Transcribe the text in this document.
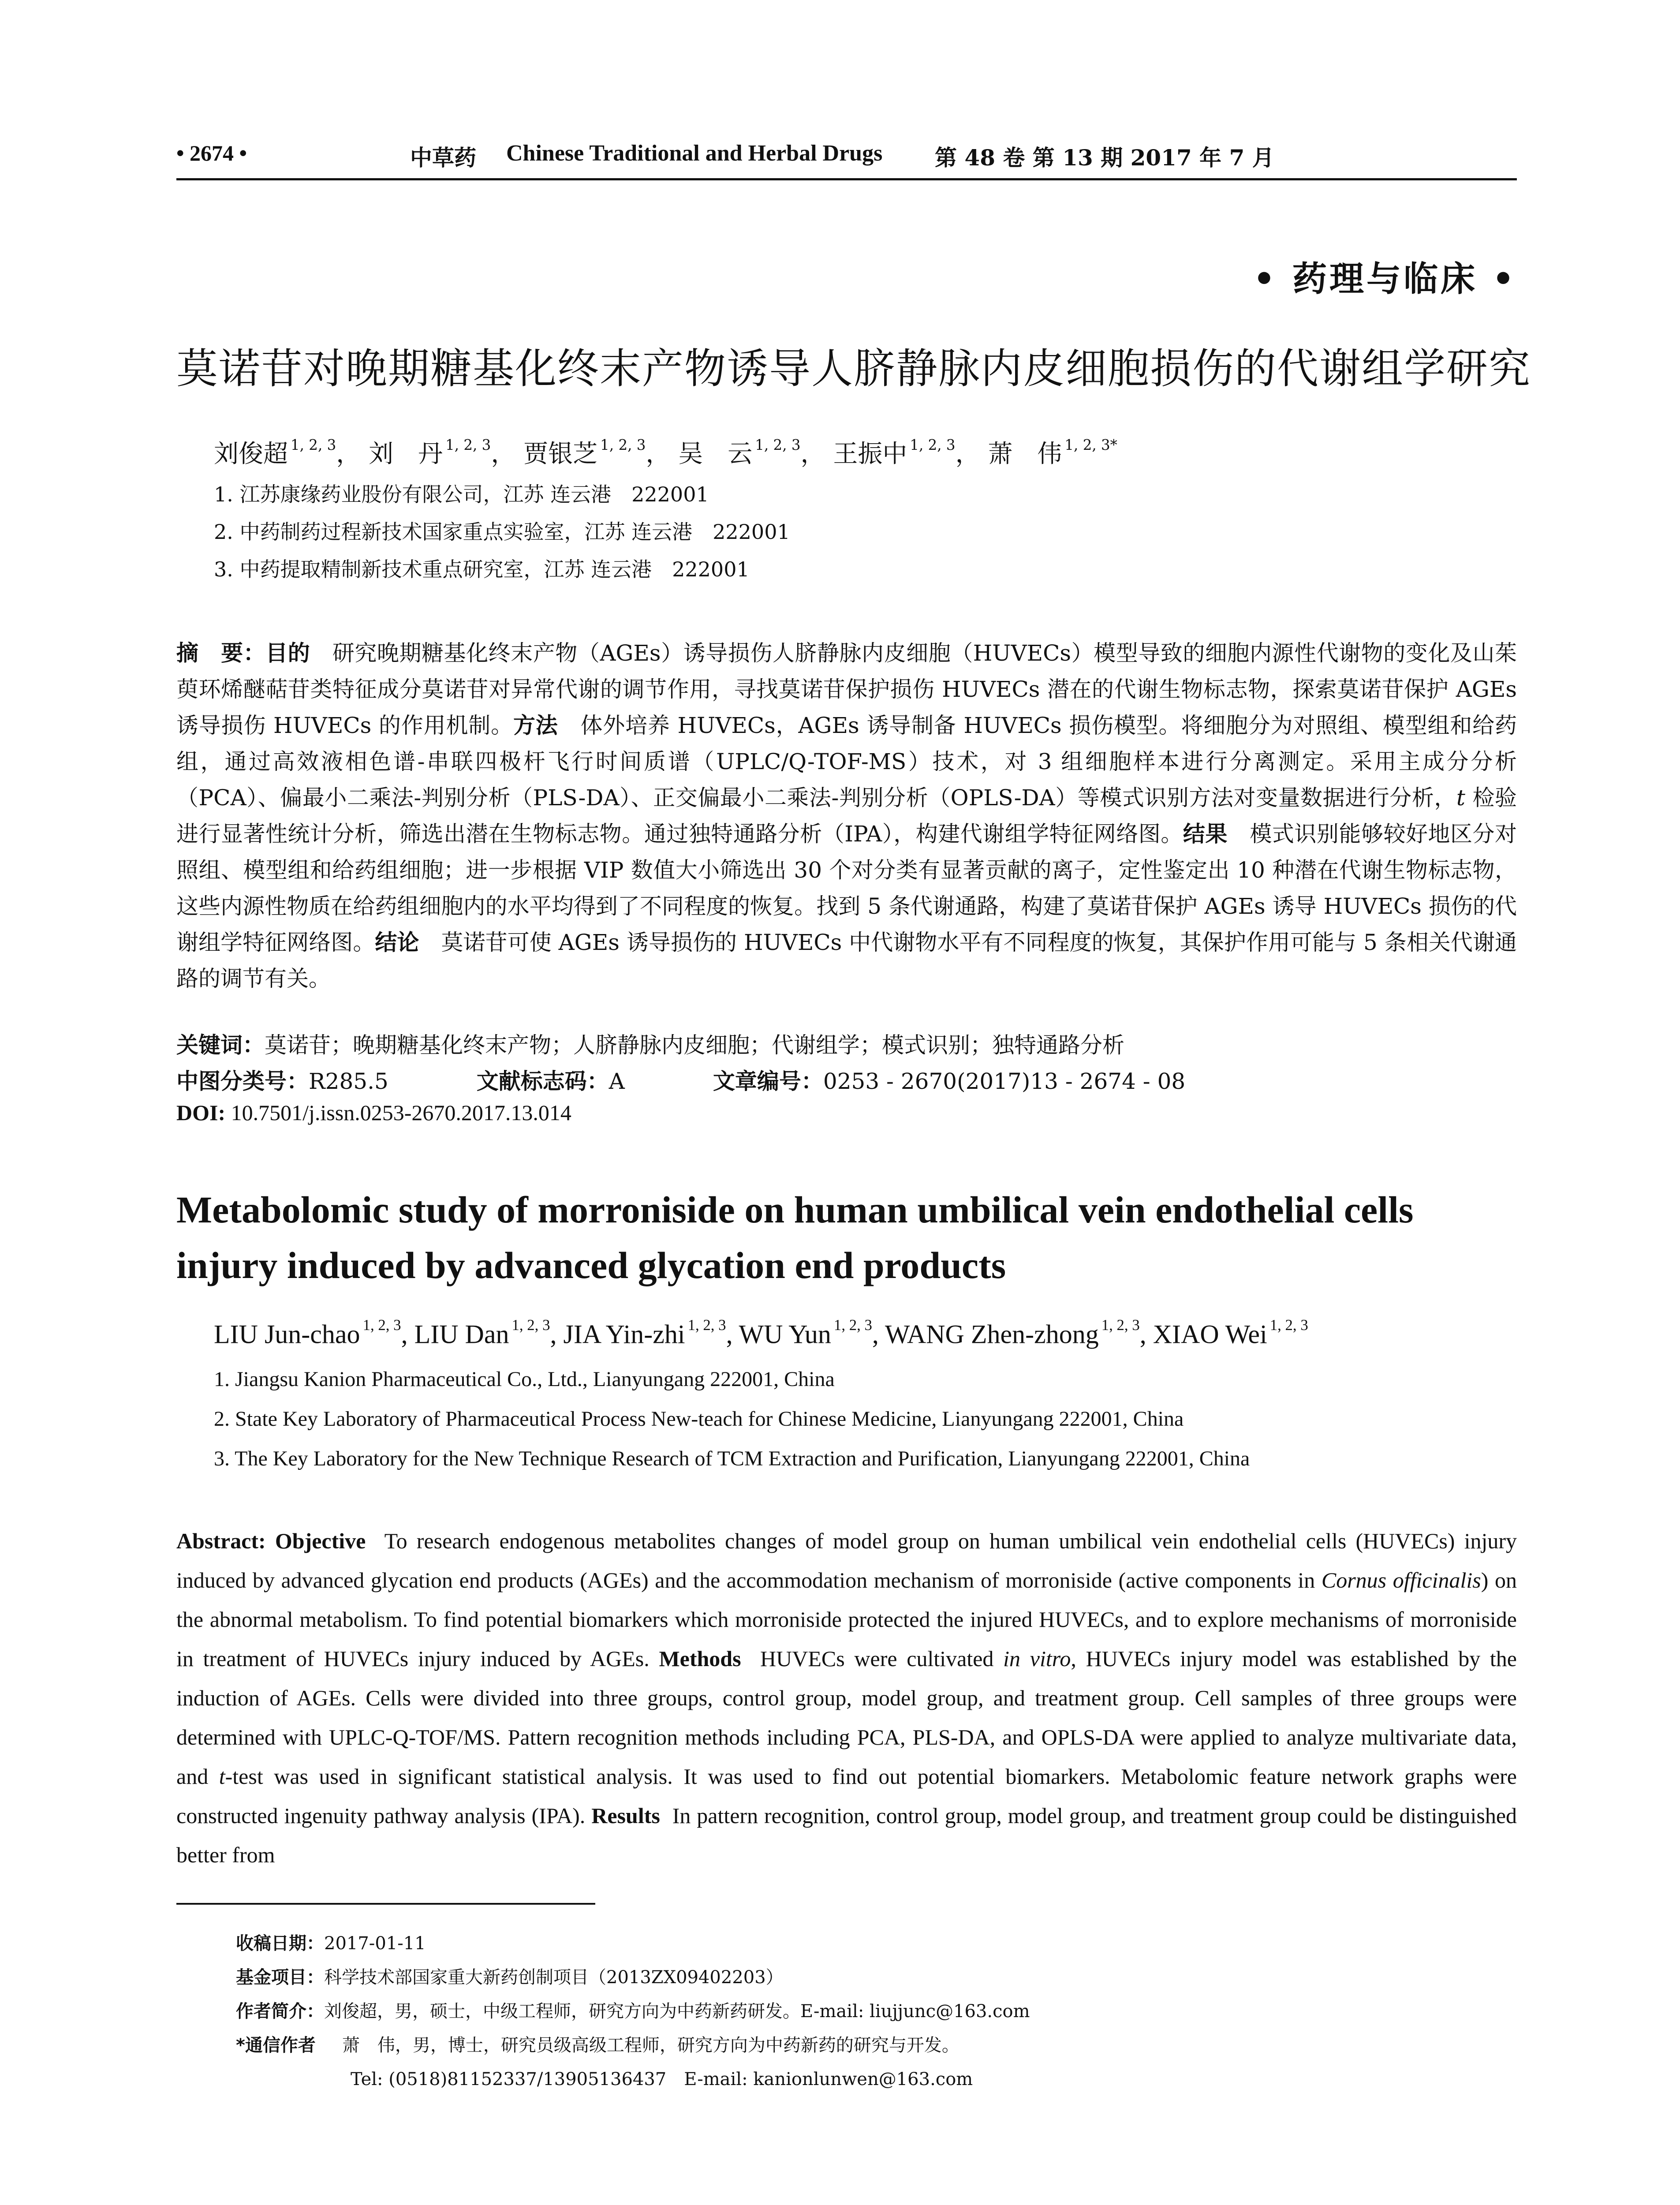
• 2674 •	中草药 Chinese Traditional and Herbal Drugs 第 48 卷 第 13 期 2017 年 7 月
• 药理与临床 •
莫诺苷对晚期糖基化终末产物诱导人脐静脉内皮细胞损伤的代谢组学研究
刘俊超 $^{1, 2, 3}$， 刘　丹 $^{1, 2, 3}$， 贾银芝 $^{1, 2, 3}$， 吴　云 $^{1, 2, 3}$， 王振中 $^{1, 2, 3}$， 萧　伟 $^{1, 2, 3*}$
1. 江苏康缘药业股份有限公司，江苏 连云港　222001
2. 中药制药过程新技术国家重点实验室，江苏 连云港　222001
3. 中药提取精制新技术重点研究室，江苏 连云港　222001
摘　要：目的　 研究晚期糖基化终末产物（AGEs）诱导损伤人脐静脉内皮细胞（HUVECs）模型导致的细胞内源性代谢物的变化及山茱萸环烯醚萜苷类特征成分莫诺苷对异常代谢的调节作用，寻找莫诺苷保护损伤 HUVECs 潜在的代谢生物标志物，探索莫诺苷保护 AGEs 诱导损伤 HUVECs 的作用机制。方法　 体外培养 HUVECs，AGEs 诱导制备 HUVECs 损伤模型。将细胞分为对照组、模型组和给药组，通过高效液相色谱-串联四极杆飞行时间质谱（UPLC/Q-TOF-MS）技术，对 3 组细胞样本进行分离测定。采用主成分分析（PCA）、偏最小二乘法-判别分析（PLS-DA）、正交偏最小二乘法-判别分析（OPLS-DA）等模式识别方法对变量数据进行分析，t 检验进行显著性统计分析，筛选出潜在生物标志物。通过独特通路分析（IPA），构建代谢组学特征网络图。结果　 模式识别能够较好地区分对照组、模型组和给药组细胞；进一步根据 VIP 数值大小筛选出 30 个对分类有显著贡献的离子，定性鉴定出 10 种潜在代谢生物标志物，这些内源性物质在给药组细胞内的水平均得到了不同程度的恢复。找到 5 条代谢通路，构建了莫诺苷保护 AGEs 诱导 HUVECs 损伤的代谢组学特征网络图。结论　 莫诺苷可使 AGEs 诱导损伤的 HUVECs 中代谢物水平有不同程度的恢复，其保护作用可能与 5 条相关代谢通路的调节有关。
关键词：莫诺苷；晚期糖基化终末产物；人脐静脉内皮细胞；代谢组学；模式识别；独特通路分析
中图分类号：R285.5	文献标志码：A	文章编号：0253 - 2670(2017)13 - 2674 - 08
DOI: 10.7501/j.issn.0253-2670.2017.13.014
Metabolomic study of morroniside on human umbilical vein endothelial cells injury induced by advanced glycation end products
LIU Jun-chao $^{1, 2, 3}$, LIU Dan $^{1, 2, 3}$, JIA Yin-zhi $^{1, 2, 3}$, WU Yun $^{1, 2, 3}$, WANG Zhen-zhong $^{1, 2, 3}$, XIAO Wei $^{1, 2, 3}$
1. Jiangsu Kanion Pharmaceutical Co., Ltd., Lianyungang 222001, China
2. State Key Laboratory of Pharmaceutical Process New-teach for Chinese Medicine, Lianyungang 222001, China
3. The Key Laboratory for the New Technique Research of TCM Extraction and Purification, Lianyungang 222001, China
Abstract: Objective To research endogenous metabolites changes of model group on human umbilical vein endothelial cells (HUVECs) injury induced by advanced glycation end products (AGEs) and the accommodation mechanism of morroniside (active components in Cornus officinalis) on the abnormal metabolism. To find potential biomarkers which morroniside protected the injured HUVECs, and to explore mechanisms of morroniside in treatment of HUVECs injury induced by AGEs. Methods HUVECs were cultivated in vitro, HUVECs injury model was established by the induction of AGEs. Cells were divided into three groups, control group, model group, and treatment group. Cell samples of three groups were determined with UPLC-Q-TOF/MS. Pattern recognition methods including PCA, PLS-DA, and OPLS-DA were applied to analyze multivariate data, and t-test was used in significant statistical analysis. It was used to find out potential biomarkers. Metabolomic feature network graphs were constructed ingenuity pathway analysis (IPA). Results In pattern recognition, control group, model group, and treatment group could be distinguished better from
收稿日期：2017-01-11
基金项目：科学技术部国家重大新药创制项目（2013ZX09402203）
作者简介：刘俊超，男，硕士，中级工程师，研究方向为中药新药研发。E-mail: liujjunc@163.com
*通信作者 萧　伟，男，博士，研究员级高级工程师，研究方向为中药新药的研究与开发。
Tel: (0518)81152337/13905136437　E-mail: kanionlunwen@163.com
